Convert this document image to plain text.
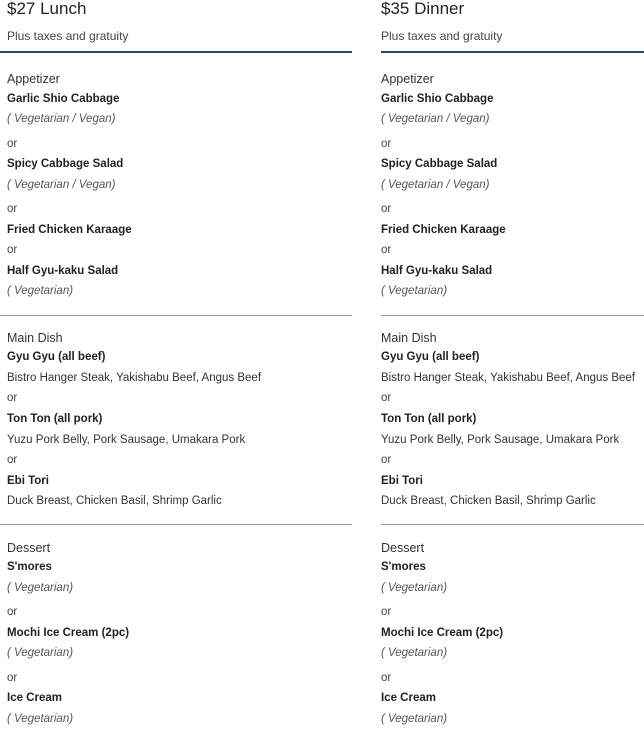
$27 Lunch
Plus taxes and gratuity
Appetizer
Garlic Shio Cabbage
( Vegetarian / Vegan)
or
Spicy Cabbage Salad
( Vegetarian / Vegan)
or
Fried Chicken Karaage
or
Half Gyu-kaku Salad
( Vegetarian)
Main Dish
Gyu Gyu (all beef)
Bistro Hanger Steak, Yakishabu Beef, Angus Beef
or
Ton Ton (all pork)
Yuzu Pork Belly, Pork Sausage, Umakara Pork
or
Ebi Tori
Duck Breast, Chicken Basil, Shrimp Garlic
Dessert
S'mores
( Vegetarian)
or
Mochi Ice Cream (2pc)
( Vegetarian)
or
Ice Cream
( Vegetarian)
$35 Dinner
Plus taxes and gratuity
Appetizer
Garlic Shio Cabbage
( Vegetarian / Vegan)
or
Spicy Cabbage Salad
( Vegetarian / Vegan)
or
Fried Chicken Karaage
or
Half Gyu-kaku Salad
( Vegetarian)
Main Dish
Gyu Gyu (all beef)
Bistro Hanger Steak, Yakishabu Beef, Angus Beef
or
Ton Ton (all pork)
Yuzu Pork Belly, Pork Sausage, Umakara Pork
or
Ebi Tori
Duck Breast, Chicken Basil, Shrimp Garlic
Dessert
S'mores
( Vegetarian)
or
Mochi Ice Cream (2pc)
( Vegetarian)
or
Ice Cream
( Vegetarian)
